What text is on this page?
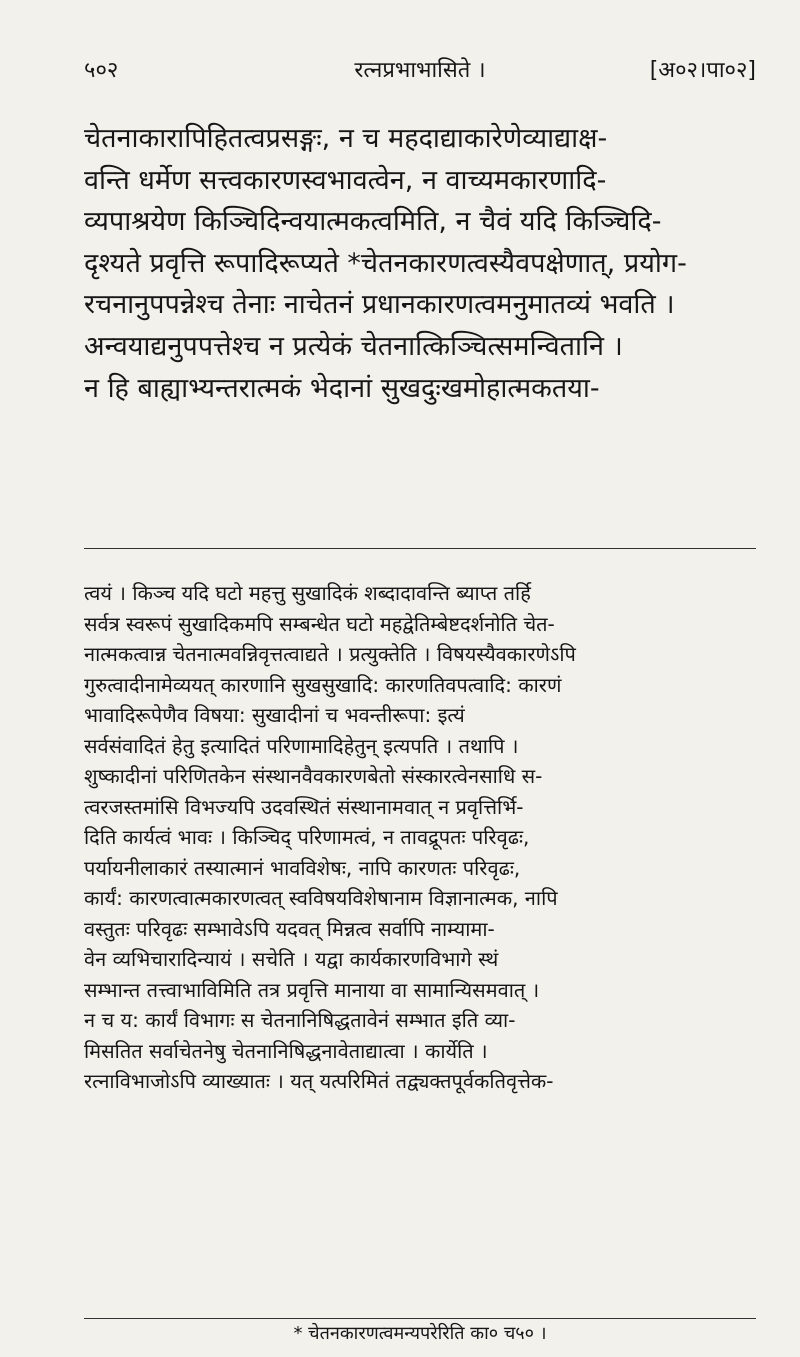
५०२	रत्नप्रभाभासिते ।	[अ०२।पा०२]
चेतनाकारापिहितत्वप्रसङ्गः, न च महदाद्याकारेणेव्याद्याक्ष-
वन्ति धर्मेण सत्त्वकारणस्वभावत्वेन, न वाच्यमकारणादि-
व्यपाश्रयेण किञ्चिदिन्वयात्मकत्वमिति, न चैवं यदि किञ्चिदि-
दृश्यते प्रवृत्ति रूपादिरूप्यते *चेतनकारणत्वस्यैवपक्षेणात्, प्रयोग-
रचनानुपपन्नेश्च तेनाः नाचेतनं प्रधानकारणत्वमनुमातव्यं भवति ।
अन्वयाद्यनुपपत्तेश्च न प्रत्येकं चेतनात्किञ्चित्समन्वितानि ।
न हि बाह्याभ्यन्तरात्मकं भेदानां सुखदुःखमोहात्मकतया-
त्वयं । किञ्च यदि घटो महत्तु सुखादिकं शब्दादावन्ति ब्याप्त तर्हि
सर्वत्र स्वरूपं सुखादिकमपि सम्बन्धेत घटो महद्वेतिम्बेष्टदर्शनोति चेत-
नात्मकत्वान्न चेतनात्मवन्निवृत्तत्वाद्यते । प्रत्युक्तेति । विषयस्यैवकारणेऽपि
गुरुत्वादीनामेव्ययत् कारणानि सुखसुखादि: कारणतिवपत्वादि: कारणं
भावादिरूपेणैव विषया: सुखादीनां च भवन्तीरूपा: इत्यं
सर्वसंवादितं हेतु इत्यादितं परिणामादिहेतुन् इत्यपति । तथापि ।
शुष्कादीनां परिणितकेन संस्थानवैवकारणबेतो संस्कारत्वेनसाधि स-
त्वरजस्तमांसि विभज्यपि उदवस्थितं संस्थानामवात् न प्रवृत्तिर्भि-
दिति कार्यत्वं भावः । किञ्चिद् परिणामत्वं, न तावद्रूपतः परिवृढः,
पर्यायनीलाकारं तस्यात्मानं भावविशेषः, नापि कारणतः परिवृढः,
कार्यं: कारणत्वात्मकारणत्वत् स्वविषयविशेषानाम विज्ञानात्मक, नापि
वस्तुतः परिवृढः सम्भावेऽपि यदवत् मिन्नत्व सर्वापि नाम्यामा-
वेन व्यभिचारादिन्यायं । सचेति । यद्वा कार्यकारणविभागे स्थं
सम्भान्त तत्त्वाभाविमिति तत्र प्रवृत्ति मानाया वा सामान्यिसमवात् ।
न च य: कार्यं विभागः स चेतनानिषिद्धतावेनं सम्भात इति व्या-
मिसतित सर्वाचेतनेषु चेतनानिषिद्धनावेताद्यात्वा । कार्येति ।
रत्नाविभाजोऽपि व्याख्यातः । यत् यत्परिमितं तद्व्यक्तपूर्वकतिवृत्तेक-
* चेतनकारणत्वमन्यपरेरिति का० च५० ।
